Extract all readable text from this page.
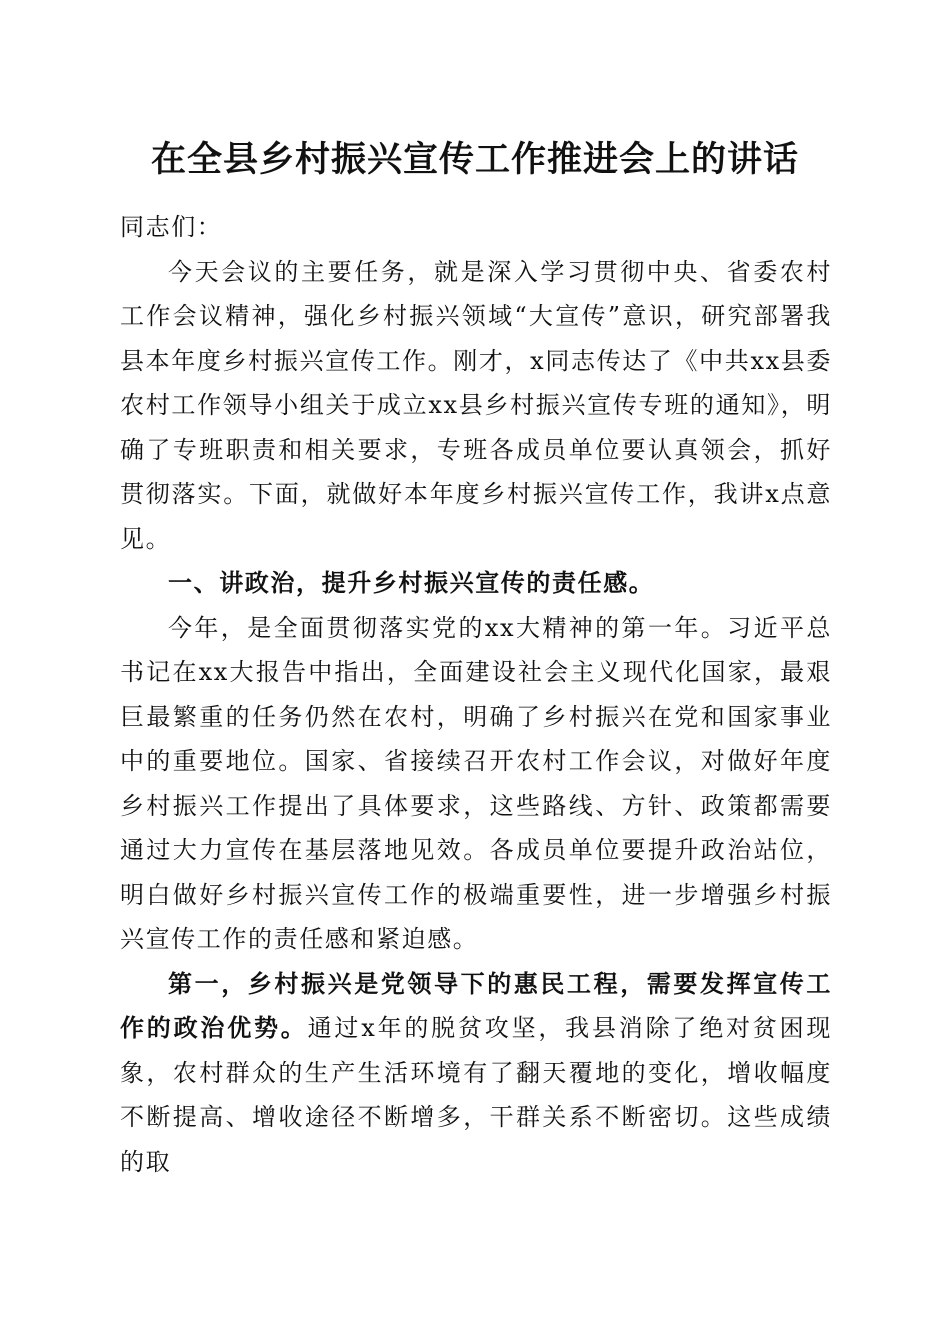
在全县乡村振兴宣传工作推进会上的讲话

同志们：

今天会议的主要任务，就是深入学习贯彻中央、省委农村工作会议精神，强化乡村振兴领域“大宣传”意识，研究部署我县本年度乡村振兴宣传工作。刚才，x同志传达了《中共xx县委农村工作领导小组关于成立xx县乡村振兴宣传专班的通知》，明确了专班职责和相关要求，专班各成员单位要认真领会，抓好贯彻落实。下面，就做好本年度乡村振兴宣传工作，我讲x点意见。

一、讲政治，提升乡村振兴宣传的责任感。

今年，是全面贯彻落实党的xx大精神的第一年。习近平总书记在xx大报告中指出，全面建设社会主义现代化国家，最艰巨最繁重的任务仍然在农村，明确了乡村振兴在党和国家事业中的重要地位。国家、省接续召开农村工作会议，对做好年度乡村振兴工作提出了具体要求，这些路线、方针、政策都需要通过大力宣传在基层落地见效。各成员单位要提升政治站位，明白做好乡村振兴宣传工作的极端重要性，进一步增强乡村振兴宣传工作的责任感和紧迫感。

第一，乡村振兴是党领导下的惠民工程，需要发挥宣传工作的政治优势。通过x年的脱贫攻坚，我县消除了绝对贫困现象，农村群众的生产生活环境有了翻天覆地的变化，增收幅度不断提高、增收途径不断增多，干群关系不断密切。这些成绩的取
